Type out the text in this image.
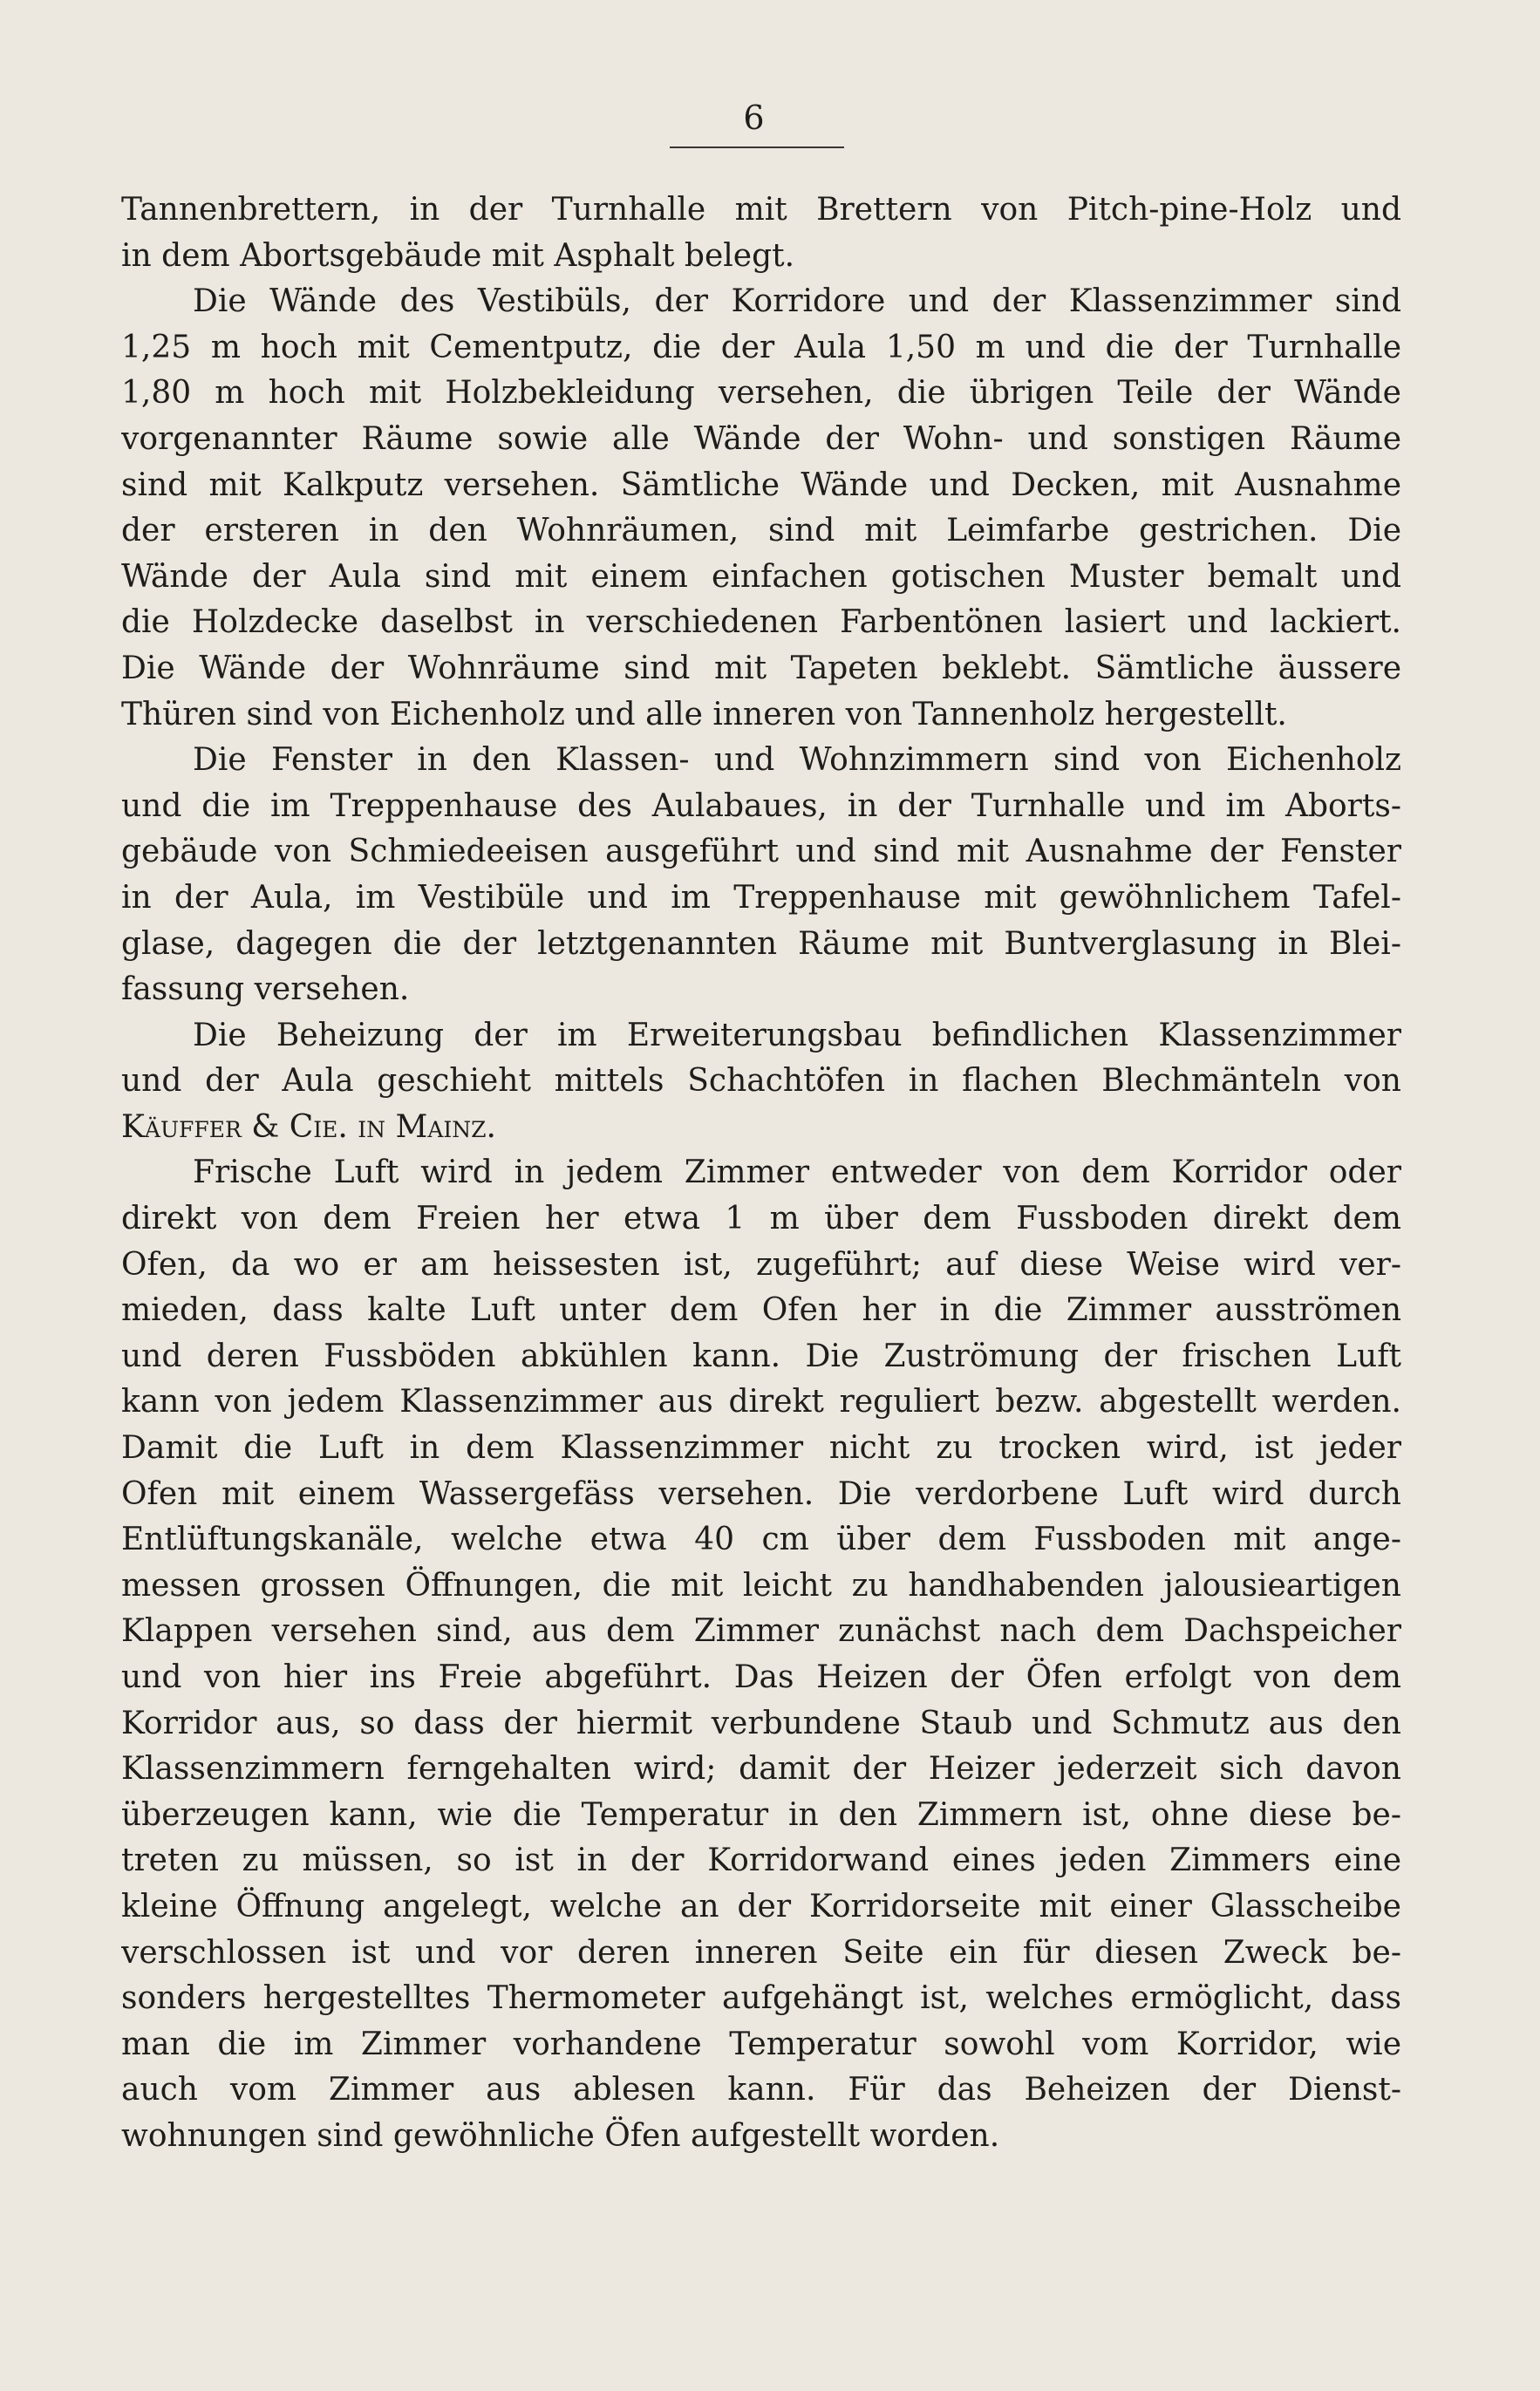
6
Tannenbrettern, in der Turnhalle mit Brettern von Pitch-pine-Holz und
in dem Abortsgebäude mit Asphalt belegt.
Die Wände des Vestibüls, der Korridore und der Klassenzimmer sind
1,25 m hoch mit Cementputz, die der Aula 1,50 m und die der Turnhalle
1,80 m hoch mit Holzbekleidung versehen, die übrigen Teile der Wände
vorgenannter Räume sowie alle Wände der Wohn- und sonstigen Räume
sind mit Kalkputz versehen. Sämtliche Wände und Decken, mit Ausnahme
der ersteren in den Wohnräumen, sind mit Leimfarbe gestrichen. Die
Wände der Aula sind mit einem einfachen gotischen Muster bemalt und
die Holzdecke daselbst in verschiedenen Farbentönen lasiert und lackiert.
Die Wände der Wohnräume sind mit Tapeten beklebt. Sämtliche äussere
Thüren sind von Eichenholz und alle inneren von Tannenholz hergestellt.
Die Fenster in den Klassen- und Wohnzimmern sind von Eichenholz
und die im Treppenhause des Aulabaues, in der Turnhalle und im Aborts-
gebäude von Schmiedeeisen ausgeführt und sind mit Ausnahme der Fenster
in der Aula, im Vestibüle und im Treppenhause mit gewöhnlichem Tafel-
glase, dagegen die der letztgenannten Räume mit Buntverglasung in Blei-
fassung versehen.
Die Beheizung der im Erweiterungsbau befindlichen Klassenzimmer
und der Aula geschieht mittels Schachtöfen in flachen Blechmänteln von
Käuffer & Cie. in Mainz.
Frische Luft wird in jedem Zimmer entweder von dem Korridor oder
direkt von dem Freien her etwa 1 m über dem Fussboden direkt dem
Ofen, da wo er am heissesten ist, zugeführt; auf diese Weise wird ver-
mieden, dass kalte Luft unter dem Ofen her in die Zimmer ausströmen
und deren Fussböden abkühlen kann. Die Zuströmung der frischen Luft
kann von jedem Klassenzimmer aus direkt reguliert bezw. abgestellt werden.
Damit die Luft in dem Klassenzimmer nicht zu trocken wird, ist jeder
Ofen mit einem Wassergefäss versehen. Die verdorbene Luft wird durch
Entlüftungskanäle, welche etwa 40 cm über dem Fussboden mit ange-
messen grossen Öffnungen, die mit leicht zu handhabenden jalousieartigen
Klappen versehen sind, aus dem Zimmer zunächst nach dem Dachspeicher
und von hier ins Freie abgeführt. Das Heizen der Öfen erfolgt von dem
Korridor aus, so dass der hiermit verbundene Staub und Schmutz aus den
Klassenzimmern ferngehalten wird; damit der Heizer jederzeit sich davon
überzeugen kann, wie die Temperatur in den Zimmern ist, ohne diese be-
treten zu müssen, so ist in der Korridorwand eines jeden Zimmers eine
kleine Öffnung angelegt, welche an der Korridorseite mit einer Glasscheibe
verschlossen ist und vor deren inneren Seite ein für diesen Zweck be-
sonders hergestelltes Thermometer aufgehängt ist, welches ermöglicht, dass
man die im Zimmer vorhandene Temperatur sowohl vom Korridor, wie
auch vom Zimmer aus ablesen kann. Für das Beheizen der Dienst-
wohnungen sind gewöhnliche Öfen aufgestellt worden.
